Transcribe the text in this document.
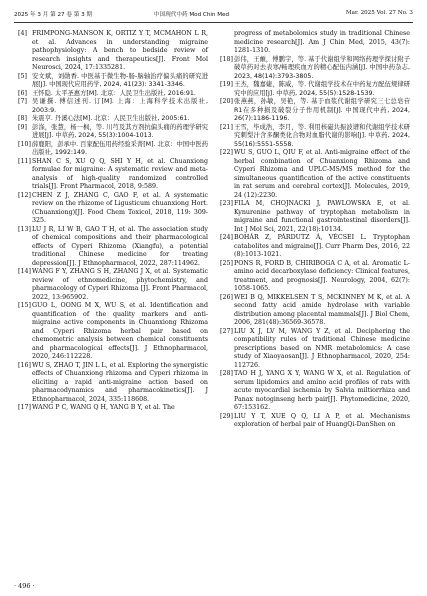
2025 年 3 月 第 27 卷 第 3 期	中国现代中药 Mod Chin Med	Mar. 2025 Vol. 27 No. 3
[4] FRIMPONG-MANSON K, ORTIZ Y T, MCMAHON L R, et al. Advances in understanding migraine pathophysiology: A bench to bedside review of research insights and therapeutics[J]. Front Mol Neurosci, 2024, 17:1335281.
[5] 安文斌，刘勋香. 中医基于微生物-肠-脑轴治疗偏头痛的研究进展[J]. 中国现代应用药学, 2024, 41(23): 3341-3346.
[6] 王怀隐. 太平圣惠方[M]. 北京：人民卫生出版社, 2016:91.
[7] 吴谦撰. 傅信述刊. 订[M]. 上海：上海科学技术出版社, 2003:9.
[8] 朱震亨. 丹溪心法[M]. 北京：人民卫生出版社, 2005:61.
[9] 彭涤，张慧，杨一枫，等. 川芎及其方剂抗偏头痛的药理学研究进展[J]. 中草药, 2024, 55(3):1004-1013.
[10] 薛鹿阳，彭承中. 百家配伍用药经验采菁[M]. 北京：中国中医药出版社, 1992:149.
[11] SHAN C S, XU Q Q, SHI Y H, et al. Chuanxiong formulae for migraine: A systematic review and meta-analysis of high-quality randomized controlled trials[J]. Front Pharmacol, 2018, 9:589.
[12] CHEN Z J, ZHANG C, GAO F, et al. A systematic review on the rhizome of Ligusticum chuanxiong Hort. (Chuanxiong)[J]. Food Chem Toxicol, 2018, 119: 309-325.
[13] LU J R, LI W B, GAO T H, et al. The association study of chemical compositions and their pharmacological effects of Cyperi Rhizoma (Xiangfu), a potential traditional Chinese medicine for treating depression[J]. J Ethnopharmacol, 2022, 287:114962.
[14] WANG F Y, ZHANG S H, ZHANG J X, et al. Systematic review of ethnomedicine, phytochemistry, and pharmacology of Cyperi Rhizoma [J]. Front Pharmacol, 2022, 13:965902.
[15] GUO L, OONG M X, WU S, et al. Identification and quantification of the quality markers and anti-migraine active components in Chuanxiong Rhizoma and Cyperi Rhizoma herbal pair based on chemometric analysis between chemical constituents and pharmacological effects[J]. J Ethnopharmacol, 2020, 246:112228.
[16] WU S, ZHAO T, JIN L L, et al. Exploring the synergistic effects of Chuanxiong rhizoma and Cyperi rhizoma in eliciting a rapid anti-migraine action based on pharmacodynamics and pharmacokinetics[J]. J Ethnopharmacol, 2024, 335:118608.
[17] WANG P C, WANG Q H, YANG B Y, et al. The
progress of metabolomics study in traditional Chinese medicine research[J]. Am J Chin Med, 2015, 43(7): 1281-1310.
[18] 彭伟，王頔，傅鹏宇，等. 基于代谢组学和网络药理学探讨附子破草药对去表寒/畅理疾血方的精心配伍内涵[J]. 中国中药杂志, 2023, 48(14):3793-3805.
[19] 王杰，魏嘉婕，陈威，等. 代谢组学技术在中药复方配伍规律研究中的应用[J]. 中草药, 2024, 55(5):1528-1539.
[20] 张燕燕，孙敏，吴艳，等. 基于血浆代谢组学研究三七总皂苷R1在多种损及破裂分子作用机制[J]. 中国现代中药, 2024, 26(7):1186-1196.
[21] 王雪，毕成浩，李月，等. 利用核磁共振波谱和代谢组学技术研究刺梨汁含多酮类化合物对血脂代谢的影响[J]. 中草药, 2024, 55(16):5551-5558.
[22] WU S, GUO L, QIU F, et al. Anti-migraine effect of the herbal combination of Chuanxiong Rhizoma and Cyperi Rhizoma and UPLC-MS/MS method for the simultaneous quantification of the active constituents in rat serum and cerebral cortex[J]. Molecules, 2019, 24 (12):2230.
[23] FILA M, CHOJNACKI J, PAWLOWSKA E, et al. Kynurenine pathway of tryptophan metabolism in migraine and functional gastrointestinal disorders[J]. Int J Mol Sci, 2021, 22(18):10134.
[24] BOHÁR Z, PÁRDUTZ Á, VÉCSEI L. Tryptophan catabolites and migraine[J]. Curr Pharm Des, 2016, 22 (8):1013-1021.
[25] PONS R, FORD B, CHIRIBOGA C A, et al. Aromatic L-amino acid decarboxylase deficiency: Clinical features, treatment, and prognosis[J]. Neurology, 2004, 62(7): 1058-1065.
[26] WEI B Q, MIKKELSEN T S, MCKINNEY M K, et al. A second fatty acid amide hydrolase with variable distribution among placental mammals[J]. J Biol Chem, 2006, 281(48):36569-36578.
[27] LIU X J, LV M, WANG Y Z, et al. Deciphering the compatibility rules of traditional Chinese medicine prescriptions based on NMR metabolomics: A case study of Xiaoyaosan[J]. J Ethnopharmacol, 2020, 254: 112726.
[28] TAO H J, YANG X Y, WANG W X, et al. Regulation of serum lipidomics and amino acid profiles of rats with acute myocardial ischemia by Salvia miltiorrhiza and Panax notoginseng herb pair[J]. Phytomedicine, 2020, 67:153162.
[29] LIU Y T, XUE Q Q, LI A P, et al. Mechanisms exploration of herbal pair of HuangQi-DanShen on
· 496 ·
